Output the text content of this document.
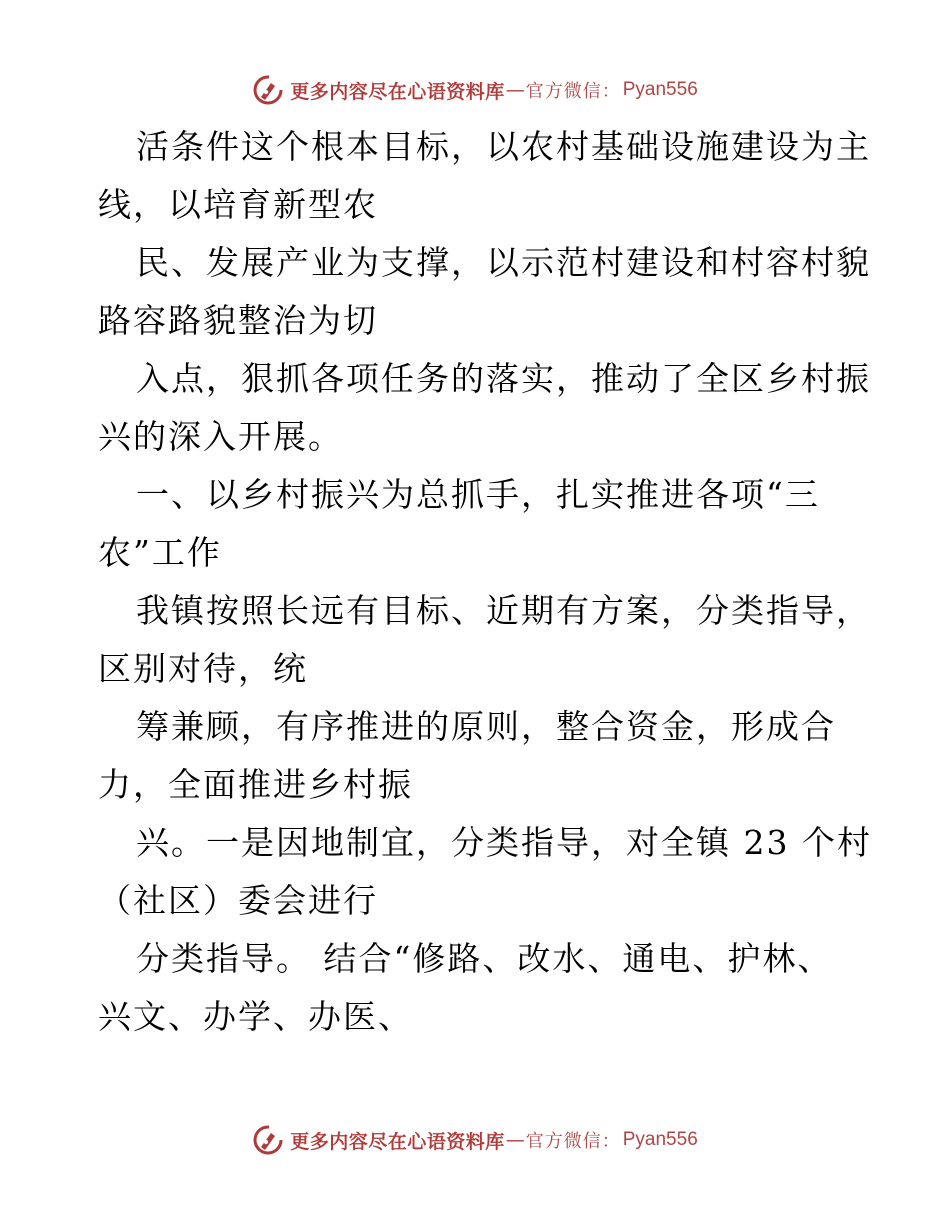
更多内容尽在心语资料库 — 官方微信： Pyan556
活条件这个根本目标，以农村基础设施建设为主
线，以培育新型农
民、发展产业为支撑，以示范村建设和村容村貌
路容路貌整治为切
入点，狠抓各项任务的落实，推动了全区乡村振
兴的深入开展。
一、以乡村振兴为总抓手，扎实推进各项“三
农”工作
我镇按照长远有目标、近期有方案，分类指导，
区别对待，统
筹兼顾，有序推进的原则，整合资金，形成合
力，全面推进乡村振
兴。一是因地制宜，分类指导，对全镇 23 个村
（社区）委会进行
分类指导。 结合“修路、改水、通电、护林、
兴文、办学、办医、
更多内容尽在心语资料库 — 官方微信： Pyan556
